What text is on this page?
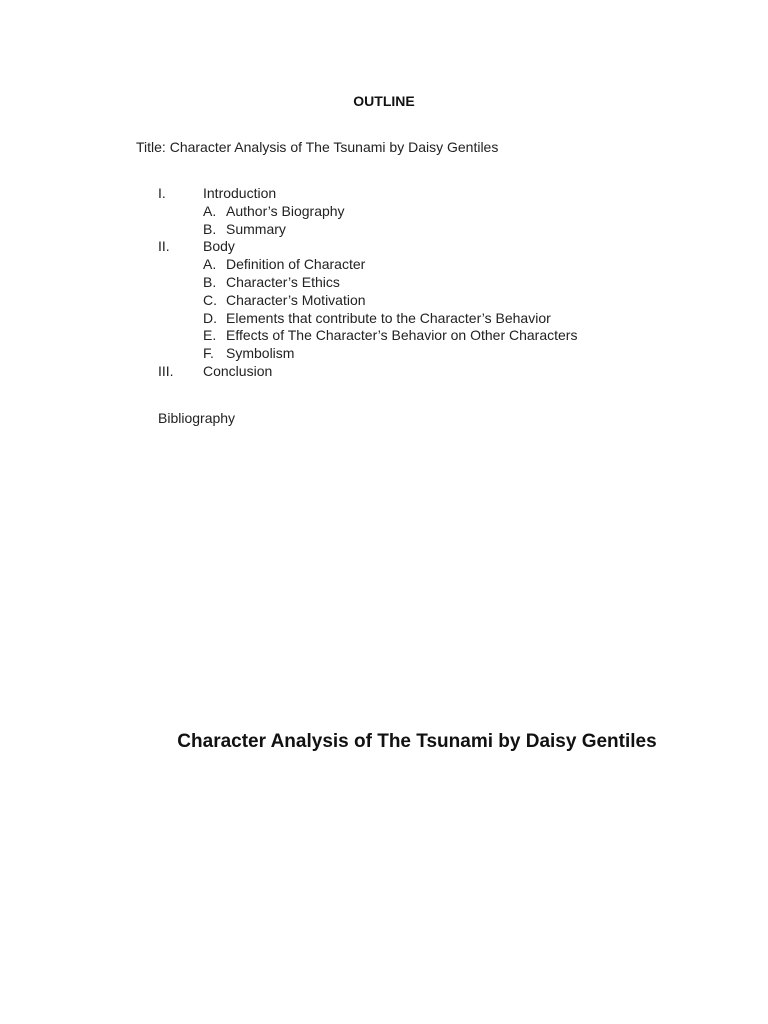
OUTLINE
Title: Character Analysis of The Tsunami by Daisy Gentiles
I.	Introduction
A. Author’s Biography
B. Summary
II.	Body
A. Definition of Character
B. Character’s Ethics
C. Character’s Motivation
D. Elements that contribute to the Character’s Behavior
E. Effects of The Character’s Behavior on Other Characters
F. Symbolism
III.	Conclusion
Bibliography
Character Analysis of The Tsunami by Daisy Gentiles
